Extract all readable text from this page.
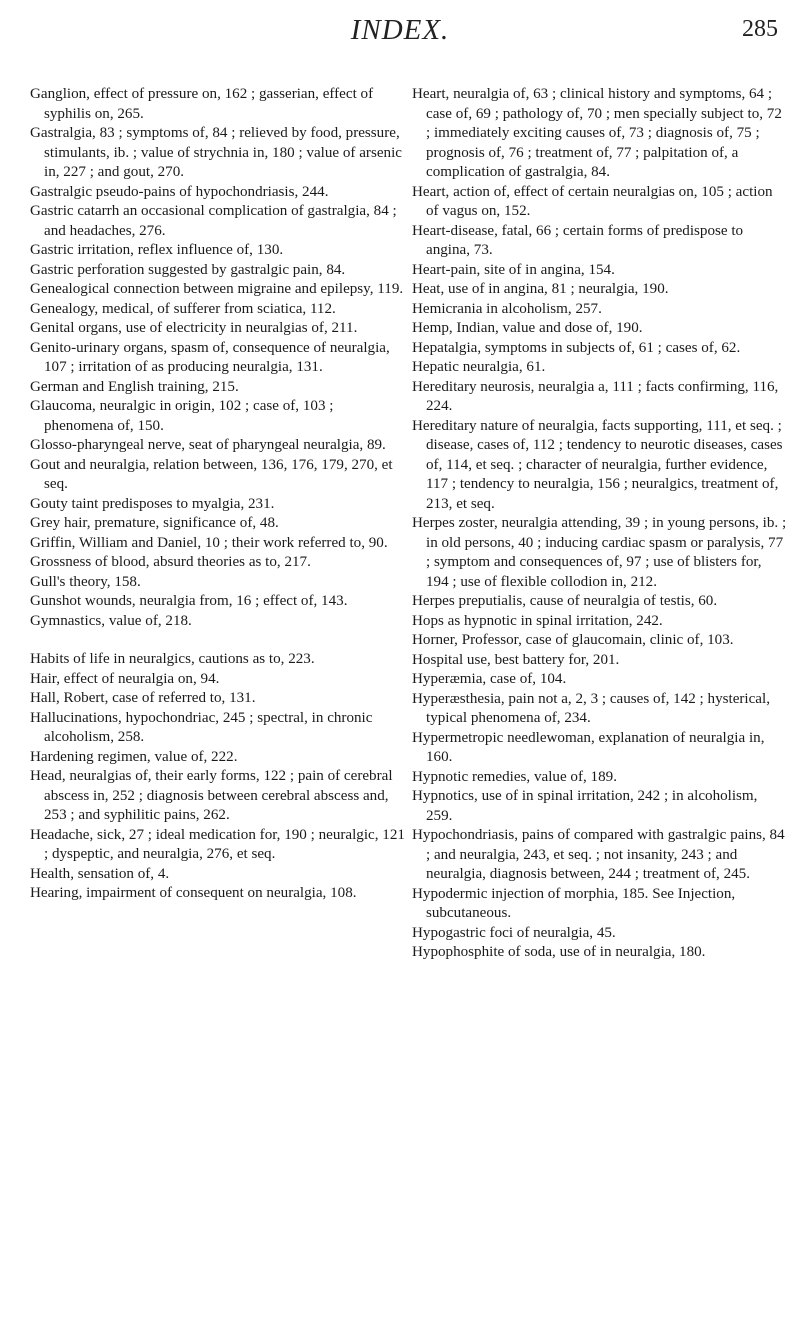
INDEX.	285

Ganglion, effect of pressure on, 162 ; gasserian, effect of syphilis on, 265.

Gastralgia, 83 ; symptoms of, 84 ; relieved by food, pressure, stimulants, ib. ; value of strychnia in, 180 ; value of arsenic in, 227 ; and gout, 270.

Gastralgic pseudo-pains of hypochondriasis, 244.

Gastric catarrh an occasional complication of gastralgia, 84 ; and headaches, 276.

Gastric irritation, reflex influence of, 130.

Gastric perforation suggested by gastralgic pain, 84.

Genealogical connection between migraine and epilepsy, 119.

Genealogy, medical, of sufferer from sciatica, 112.

Genital organs, use of electricity in neuralgias of, 211.

Genito-urinary organs, spasm of, consequence of neuralgia, 107 ; irritation of as producing neuralgia, 131.

German and English training, 215.

Glaucoma, neuralgic in origin, 102 ; case of, 103 ; phenomena of, 150.

Glosso-pharyngeal nerve, seat of pharyngeal neuralgia, 89.

Gout and neuralgia, relation between, 136, 176, 179, 270, et seq.

Gouty taint predisposes to myalgia, 231.

Grey hair, premature, significance of, 48.

Griffin, William and Daniel, 10 ; their work referred to, 90.

Grossness of blood, absurd theories as to, 217.

Gull's theory, 158.

Gunshot wounds, neuralgia from, 16 ; effect of, 143.

Gymnastics, value of, 218.

Habits of life in neuralgics, cautions as to, 223.

Hair, effect of neuralgia on, 94.

Hall, Robert, case of referred to, 131.

Hallucinations, hypochondriac, 245 ; spectral, in chronic alcoholism, 258.

Hardening regimen, value of, 222.

Head, neuralgias of, their early forms, 122 ; pain of cerebral abscess in, 252 ; diagnosis between cerebral abscess and, 253 ; and syphilitic pains, 262.

Headache, sick, 27 ; ideal medication for, 190 ; neuralgic, 121 ; dyspeptic, and neuralgia, 276, et seq.

Health, sensation of, 4.

Hearing, impairment of consequent on neuralgia, 108.

Heart, neuralgia of, 63 ; clinical history and symptoms, 64 ; case of, 69 ; pathology of, 70 ; men specially subject to, 72 ; immediately exciting causes of, 73 ; diagnosis of, 75 ; prognosis of, 76 ; treatment of, 77 ; palpitation of, a complication of gastralgia, 84.

Heart, action of, effect of certain neuralgias on, 105 ; action of vagus on, 152.

Heart-disease, fatal, 66 ; certain forms of predispose to angina, 73.

Heart-pain, site of in angina, 154.

Heat, use of in angina, 81 ; neuralgia, 190.

Hemicrania in alcoholism, 257.

Hemp, Indian, value and dose of, 190.

Hepatalgia, symptoms in subjects of, 61 ; cases of, 62.

Hepatic neuralgia, 61.

Hereditary neurosis, neuralgia a, 111 ; facts confirming, 116, 224.

Hereditary nature of neuralgia, facts supporting, 111, et seq. ; disease, cases of, 112 ; tendency to neurotic diseases, cases of, 114, et seq. ; character of neuralgia, further evidence, 117 ; tendency to neuralgia, 156 ; neuralgics, treatment of, 213, et seq.

Herpes zoster, neuralgia attending, 39 ; in young persons, ib. ; in old persons, 40 ; inducing cardiac spasm or paralysis, 77 ; symptom and consequences of, 97 ; use of blisters for, 194 ; use of flexible collodion in, 212.

Herpes preputialis, cause of neuralgia of testis, 60.

Hops as hypnotic in spinal irritation, 242.

Horner, Professor, case of glaucomain, clinic of, 103.

Hospital use, best battery for, 201.

Hyperæmia, case of, 104.

Hyperæsthesia, pain not a, 2, 3 ; causes of, 142 ; hysterical, typical phenomena of, 234.

Hypermetropic needlewoman, explanation of neuralgia in, 160.

Hypnotic remedies, value of, 189.

Hypnotics, use of in spinal irritation, 242 ; in alcoholism, 259.

Hypochondriasis, pains of compared with gastralgic pains, 84 ; and neuralgia, 243, et seq. ; not insanity, 243 ; and neuralgia, diagnosis between, 244 ; treatment of, 245.

Hypodermic injection of morphia, 185. See Injection, subcutaneous.

Hypogastric foci of neuralgia, 45.

Hypophosphite of soda, use of in neuralgia, 180.
